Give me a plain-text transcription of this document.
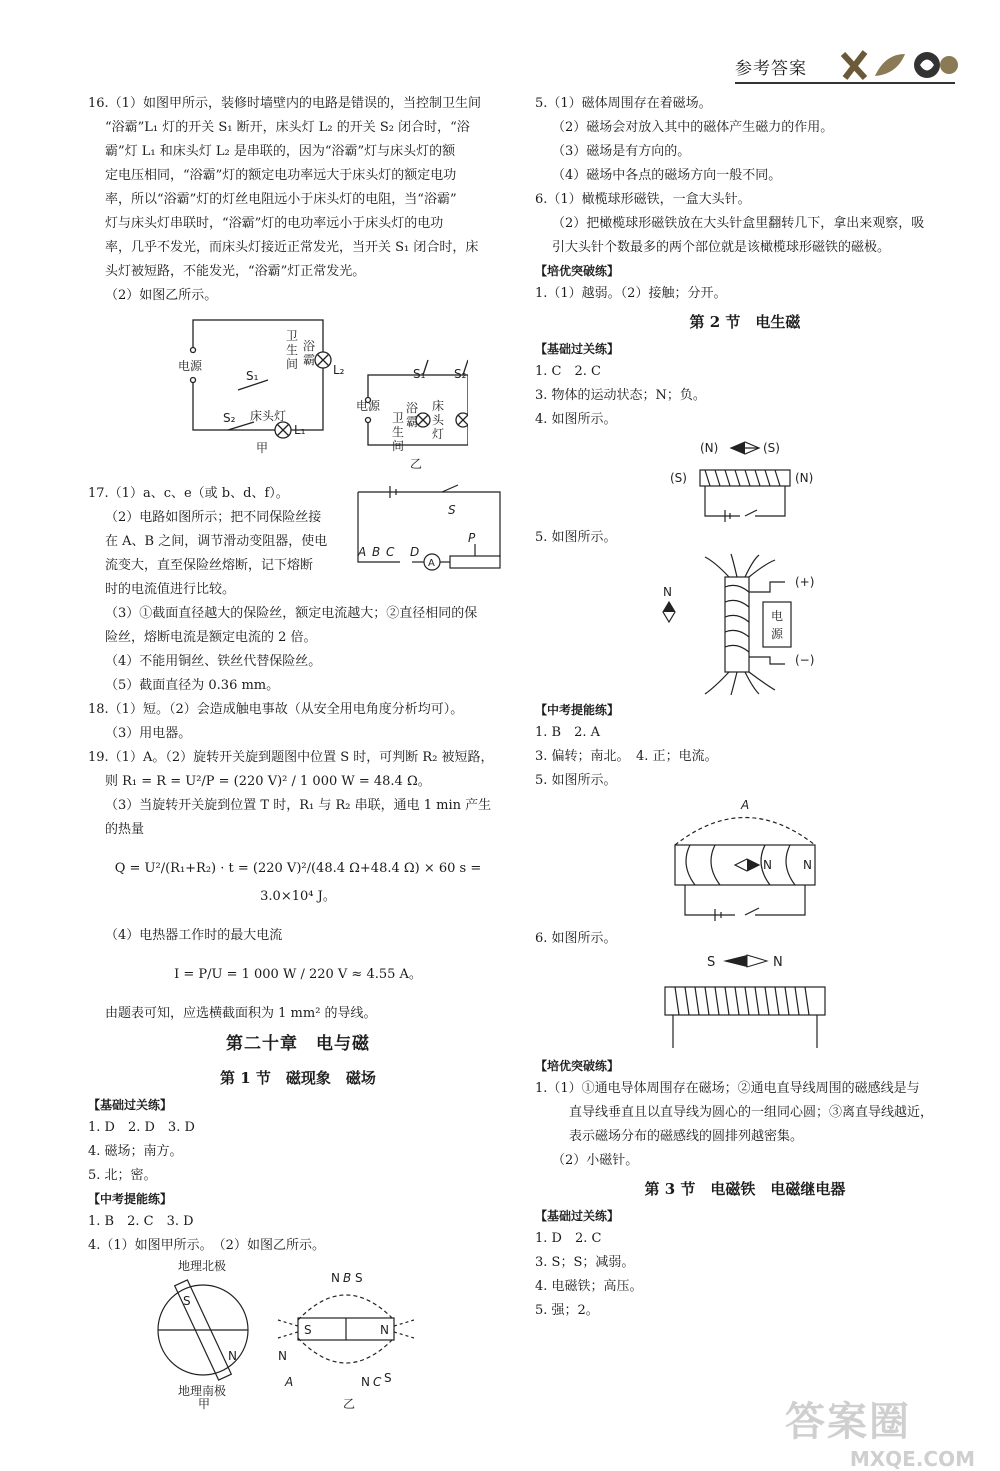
参考答案

16.（1）如图甲所示，装修时墙壁内的电路是错误的，当控制卫生间

“浴霸”L₁ 灯的开关 S₁ 断开，床头灯 L₂ 的开关 S₂ 闭合时，“浴

霸”灯 L₁ 和床头灯 L₂ 是串联的，因为“浴霸”灯与床头灯的额

定电压相同，“浴霸”灯的额定电功率远大于床头灯的额定电功

率，所以“浴霸”灯的灯丝电阻远小于床头灯的电阻，当“浴霸”

灯与床头灯串联时，“浴霸”灯的电功率远小于床头灯的电功

率，几乎不发光，而床头灯接近正常发光，当开关 S₁ 闭合时，床

头灯被短路，不能发光，“浴霸”灯正常发光。

（2）如图乙所示。

电源
卫
生
间
浴
霸
L₂
S₁
S₂ 床头灯
L₁
甲
电源
S₁ S₂
卫
生
间
浴
霸
床
头
灯
乙

17.（1）a、c、e（或 b、d、f）。

（2）电路如图所示；把不同保险丝接

在 A、B 之间，调节滑动变阻器，使电

流变大，直至保险丝熔断，记下熔断

时的电流值进行比较。

S
A B C D
P
A

（3）①截面直径越大的保险丝，额定电流越大；②直径相同的保

险丝，熔断电流是额定电流的 2 倍。

（4）不能用铜丝、铁丝代替保险丝。

（5）截面直径为 0.36 mm。

18.（1）短。（2）会造成触电事故（从安全用电角度分析均可）。

（3）用电器。

19.（1）A。（2）旋转开关旋到题图中位置 S 时，可判断 R₂ 被短路，

则 R₁ = R = U²/P = (220 V)² / 1 000 W = 48.4 Ω。

（3）当旋转开关旋到位置 T 时，R₁ 与 R₂ 串联，通电 1 min 产生

的热量

Q = U²/(R₁+R₂) · t = (220 V)²/(48.4 Ω+48.4 Ω) × 60 s = 3.0×10⁴ J。

（4）电热器工作时的最大电流

I = P/U = 1 000 W / 220 V ≈ 4.55 A。

由题表可知，应选横截面积为 1 mm² 的导线。

第二十章　电与磁
第 1 节　磁现象　磁场
【基础过关练】

1. D　2. D　3. D

4. 磁场；南方。

5. 北；密。

【中考提能练】

1. B　2. C　3. D

4.（1）如图甲所示。　（2）如图乙所示。

地理北极
地理南极
S
N
N B S
S	N
N
A	N C S
甲	乙

5.（1）磁体周围存在着磁场。

（2）磁场会对放入其中的磁体产生磁力的作用。

（3）磁场是有方向的。

（4）磁场中各点的磁场方向一般不同。

6.（1）橄榄球形磁铁，一盒大头针。

（2）把橄榄球形磁铁放在大头针盒里翻转几下，拿出来观察，吸

引大头针个数最多的两个部位就是该橄榄球形磁铁的磁极。

【培优突破练】

1.（1）越弱。（2）接触；分开。

第 2 节　电生磁
【基础过关练】

1. C　2. C

3. 物体的运动状态；N；负。

4. 如图所示。

(N)	(S)
(S)	(N)

5. 如图所示。

N
(+)
(−)
电
源
【中考提能练】

1. B　2. A

3. 偏转；南北。　4. 正；电流。

5. 如图所示。

A
N	N

6. 如图所示。

S	N
【培优突破练】

1.（1）①通电导体周围存在磁场；②通电直导线周围的磁感线是与

直导线垂直且以直导线为圆心的一组同心圆；③离直导线越近，

表示磁场分布的磁感线的圆排列越密集。

（2）小磁针。

第 3 节　电磁铁　电磁继电器
【基础过关练】

1. D　2. C

3. S；S；减弱。

4. 电磁铁；高压。

5. 强；2。

答案圈
MXQE.COM
